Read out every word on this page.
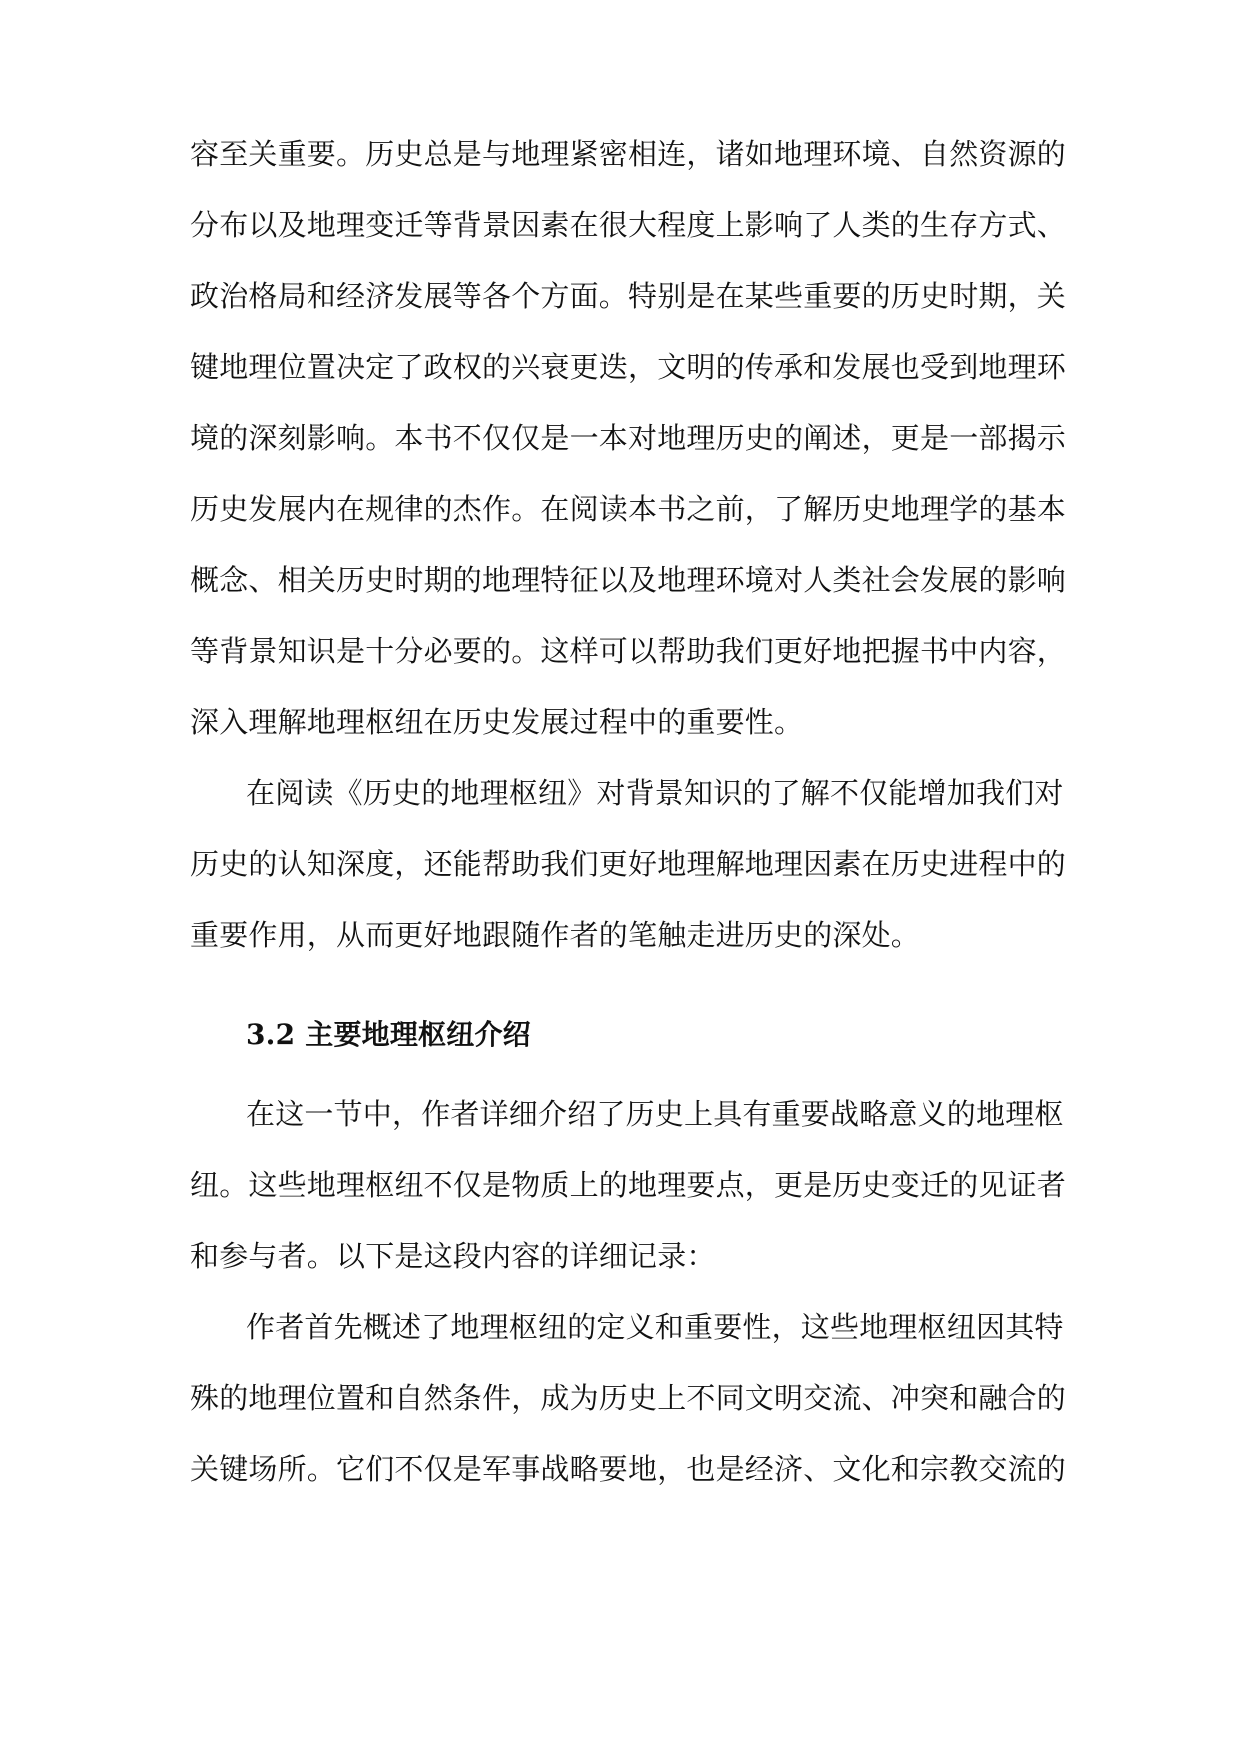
容至关重要。历史总是与地理紧密相连，诸如地理环境、自然资源的
分布以及地理变迁等背景因素在很大程度上影响了人类的生存方式、
政治格局和经济发展等各个方面。特别是在某些重要的历史时期，关
键地理位置决定了政权的兴衰更迭，文明的传承和发展也受到地理环
境的深刻影响。本书不仅仅是一本对地理历史的阐述，更是一部揭示
历史发展内在规律的杰作。在阅读本书之前，了解历史地理学的基本
概念、相关历史时期的地理特征以及地理环境对人类社会发展的影响
等背景知识是十分必要的。这样可以帮助我们更好地把握书中内容，
深入理解地理枢纽在历史发展过程中的重要性。
在阅读《历史的地理枢纽》对背景知识的了解不仅能增加我们对
历史的认知深度，还能帮助我们更好地理解地理因素在历史进程中的
重要作用，从而更好地跟随作者的笔触走进历史的深处。
3.2 主要地理枢纽介绍
在这一节中，作者详细介绍了历史上具有重要战略意义的地理枢
纽。这些地理枢纽不仅是物质上的地理要点，更是历史变迁的见证者
和参与者。以下是这段内容的详细记录：
作者首先概述了地理枢纽的定义和重要性，这些地理枢纽因其特
殊的地理位置和自然条件，成为历史上不同文明交流、冲突和融合的
关键场所。它们不仅是军事战略要地，也是经济、文化和宗教交流的
